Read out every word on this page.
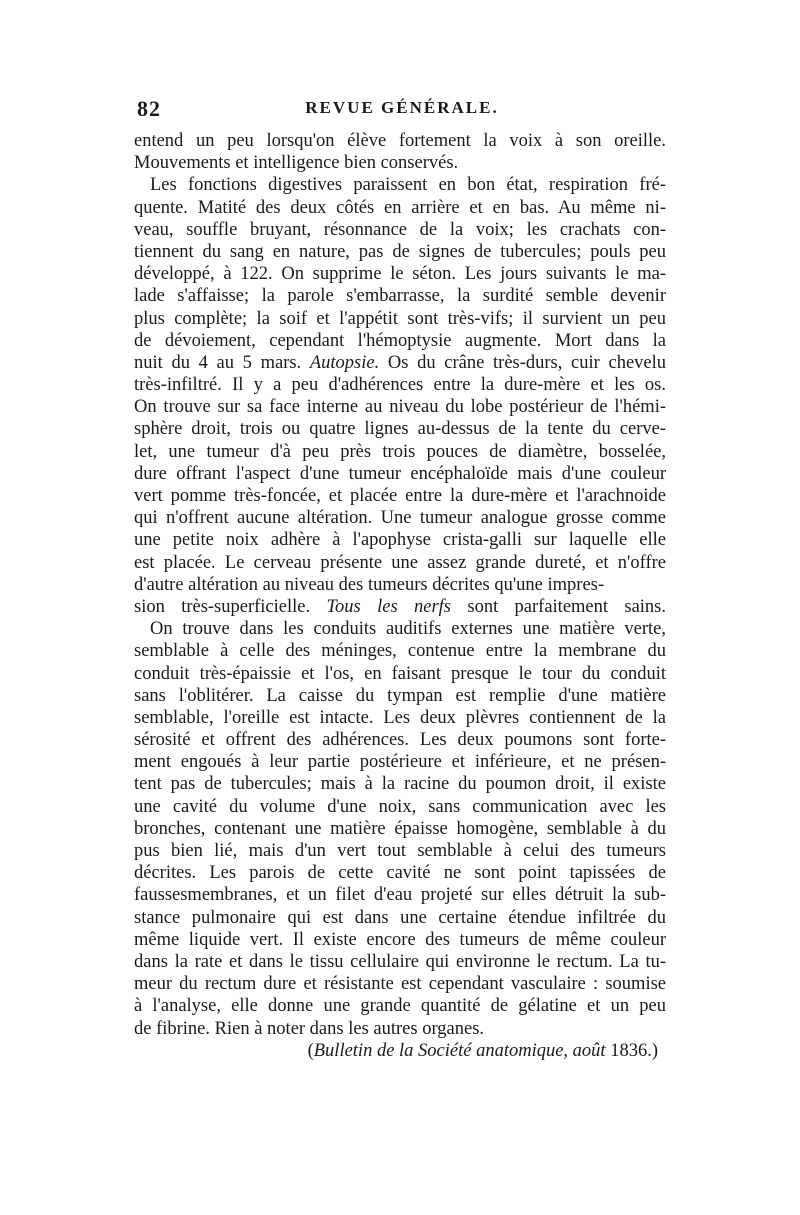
82	REVUE GÉNÉRALE.
entend un peu lorsqu'on élève fortement la voix à son oreille.
Mouvements et intelligence bien conservés.
Les fonctions digestives paraissent en bon état, respiration fré-
quente. Matité des deux côtés en arrière et en bas. Au même ni-
veau, souffle bruyant, résonnance de la voix; les crachats con-
tiennent du sang en nature, pas de signes de tubercules; pouls peu
développé, à 122. On supprime le séton. Les jours suivants le ma-
lade s'affaisse; la parole s'embarrasse, la surdité semble devenir
plus complète; la soif et l'appétit sont très-vifs; il survient un peu
de dévoiement, cependant l'hémoptysie augmente. Mort dans la
nuit du 4 au 5 mars. Autopsie. Os du crâne très-durs, cuir chevelu
très-infiltré. Il y a peu d'adhérences entre la dure-mère et les os.
On trouve sur sa face interne au niveau du lobe postérieur de l'hémi-
sphère droit, trois ou quatre lignes au-dessus de la tente du cerve-
let, une tumeur d'à peu près trois pouces de diamètre, bosselée,
dure offrant l'aspect d'une tumeur encéphaloïde mais d'une couleur
vert pomme très-foncée, et placée entre la dure-mère et l'arachnoide
qui n'offrent aucune altération. Une tumeur analogue grosse comme
une petite noix adhère à l'apophyse crista-galli sur laquelle elle
est placée. Le cerveau présente une assez grande dureté, et n'offre
d'autre altération au niveau des tumeurs décrites qu'une impres-
sion très-superficielle. Tous les nerfs sont parfaitement sains.
On trouve dans les conduits auditifs externes une matière verte,
semblable à celle des méninges, contenue entre la membrane du
conduit très-épaissie et l'os, en faisant presque le tour du conduit
sans l'oblitérer. La caisse du tympan est remplie d'une matière
semblable, l'oreille est intacte. Les deux plèvres contiennent de la
sérosité et offrent des adhérences. Les deux poumons sont forte-
ment engoués à leur partie postérieure et inférieure, et ne présen-
tent pas de tubercules; mais à la racine du poumon droit, il existe
une cavité du volume d'une noix, sans communication avec les
bronches, contenant une matière épaisse homogène, semblable à du
pus bien lié, mais d'un vert tout semblable à celui des tumeurs
décrites. Les parois de cette cavité ne sont point tapissées de
faussesmembranes, et un filet d'eau projeté sur elles détruit la sub-
stance pulmonaire qui est dans une certaine étendue infiltrée du
même liquide vert. Il existe encore des tumeurs de même couleur
dans la rate et dans le tissu cellulaire qui environne le rectum. La tu-
meur du rectum dure et résistante est cependant vasculaire : soumise
à l'analyse, elle donne une grande quantité de gélatine et un peu
de fibrine. Rien à noter dans les autres organes.
(Bulletin de la Société anatomique, août 1836.)
